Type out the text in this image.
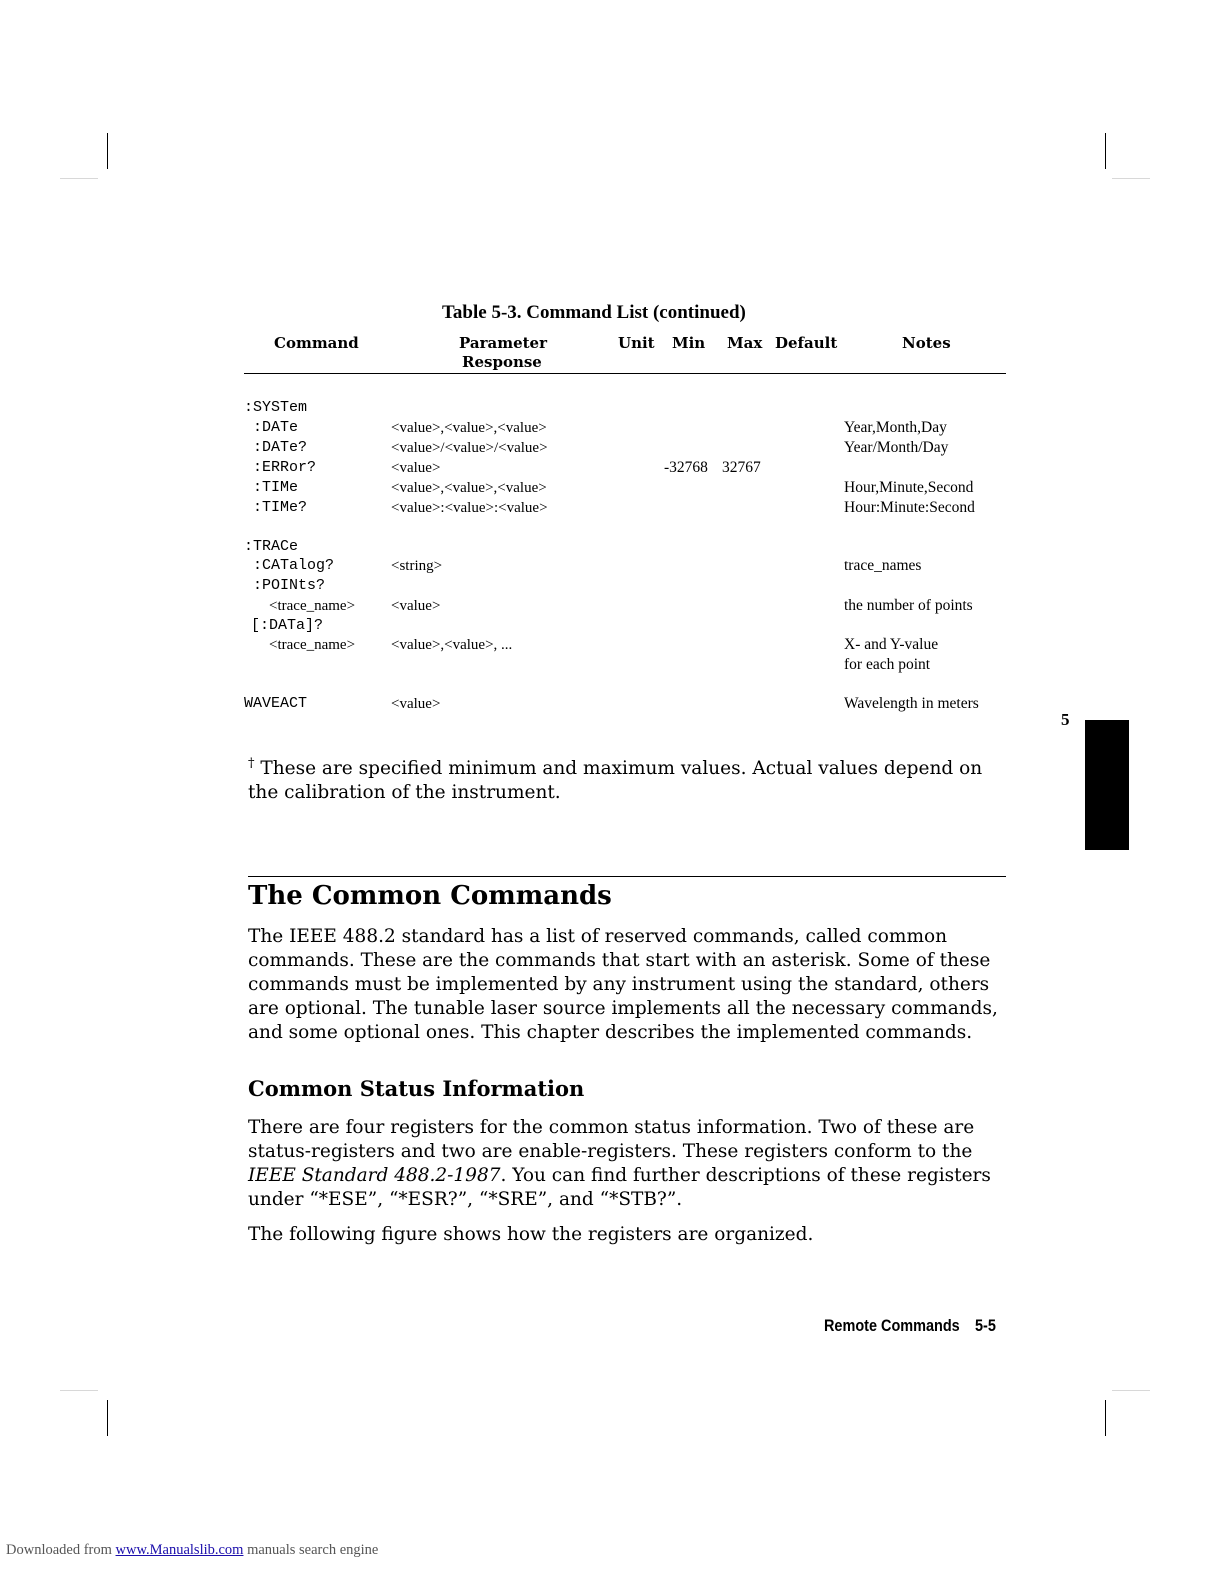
Table 5-3. Command List (continued)
Command	Parameter
Response
Unit Min Max Default	Notes
:SYSTem
:DATe	<value>,<value>,<value>	Year,Month,Day
:DATe?	<value>/<value>/<value>	Year/Month/Day
:ERRor?	<value>	-32768 32767
:TIMe	<value>,<value>,<value>	Hour,Minute,Second
:TIMe?	<value>:<value>:<value>	Hour:Minute:Second
:TRACe
:CATalog?	<string>	trace_names
:POINts?
<trace_name> <value>	the number of points
[:DATa]?
<trace_name> <value>,<value>, ...	X- and Y-value
for each point
WAVEACT	<value>	Wavelength in meters
† These are specified minimum and maximum values. Actual values depend on the calibration of the instrument.
The Common Commands
The IEEE 488.2 standard has a list of reserved commands, called common commands. These are the commands that start with an asterisk. Some of these commands must be implemented by any instrument using the standard, others are optional. The tunable laser source implements all the necessary commands, and some optional ones. This chapter describes the implemented commands.
Common Status Information
There are four registers for the common status information. Two of these are status-registers and two are enable-registers. These registers conform to the IEEE Standard 488.2-1987. You can find further descriptions of these registers under “*ESE”, “*ESR?”, “*SRE”, and “*STB?”.
The following figure shows how the registers are organized.
5
Remote Commands 5-5
Downloaded from www.Manualslib.com manuals search engine
